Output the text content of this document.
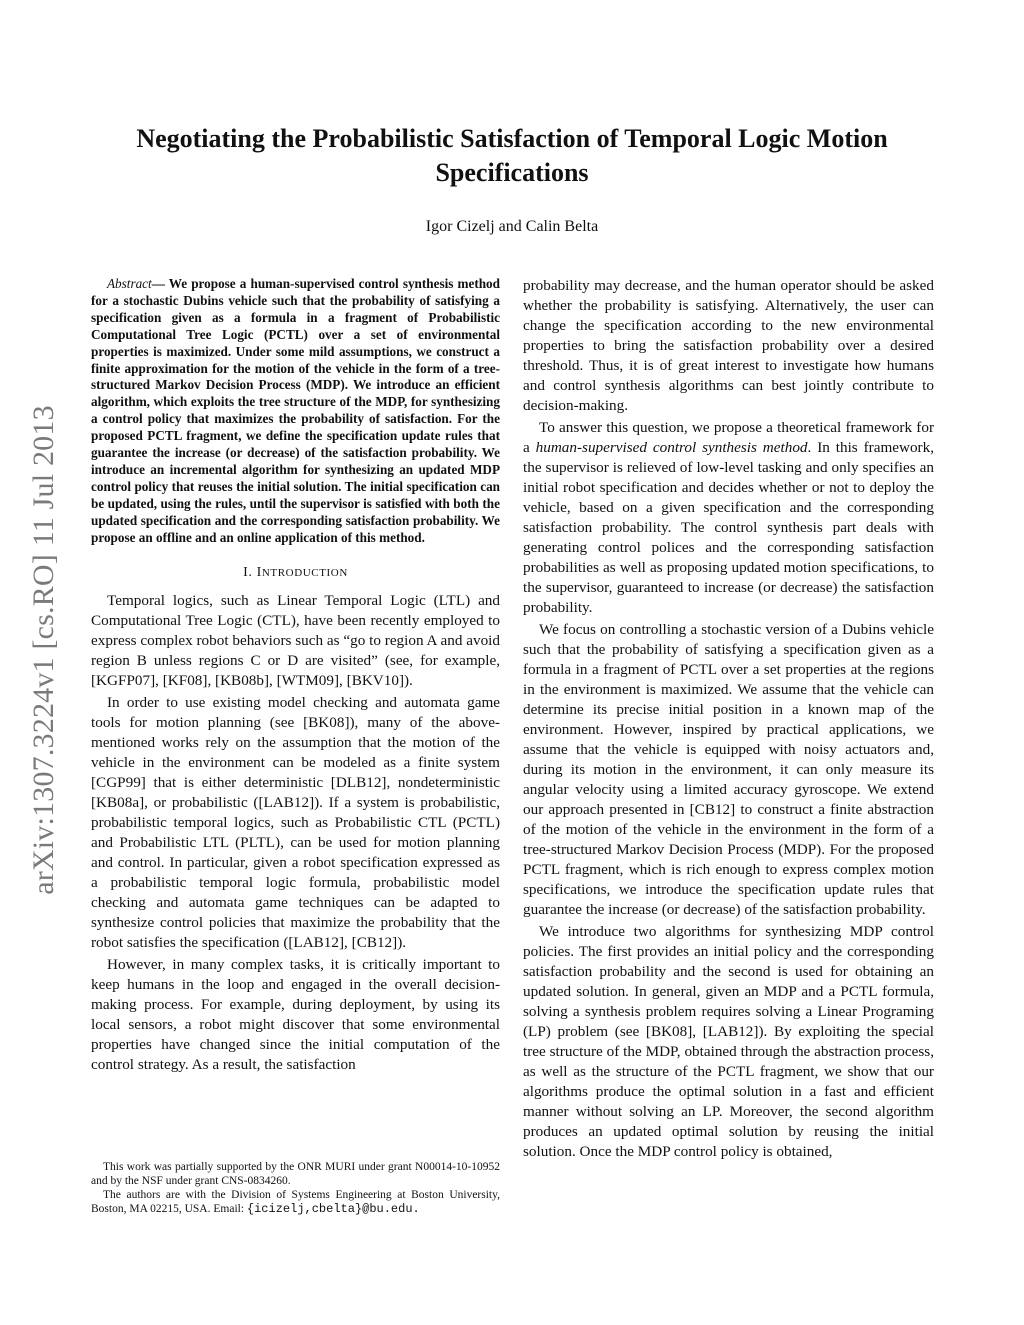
arXiv:1307.3224v1 [cs.RO] 11 Jul 2013
Negotiating the Probabilistic Satisfaction of Temporal Logic Motion Specifications
Igor Cizelj and Calin Belta

Abstract— We propose a human-supervised control synthesis method for a stochastic Dubins vehicle such that the probability of satisfying a specification given as a formula in a fragment of Probabilistic Computational Tree Logic (PCTL) over a set of environmental properties is maximized. Under some mild assumptions, we construct a finite approximation for the motion of the vehicle in the form of a tree-structured Markov Decision Process (MDP). We introduce an efficient algorithm, which exploits the tree structure of the MDP, for synthesizing a control policy that maximizes the probability of satisfaction. For the proposed PCTL fragment, we define the specification update rules that guarantee the increase (or decrease) of the satisfaction probability. We introduce an incremental algorithm for synthesizing an updated MDP control policy that reuses the initial solution. The initial specification can be updated, using the rules, until the supervisor is satisfied with both the updated specification and the corresponding satisfaction probability. We propose an offline and an online application of this method.

I. INTRODUCTION

Temporal logics, such as Linear Temporal Logic (LTL) and Computational Tree Logic (CTL), have been recently employed to express complex robot behaviors such as “go to region A and avoid region B unless regions C or D are visited” (see, for example, [KGFP07], [KF08], [KB08b], [WTM09], [BKV10]).

In order to use existing model checking and automata game tools for motion planning (see [BK08]), many of the above-mentioned works rely on the assumption that the motion of the vehicle in the environment can be modeled as a finite system [CGP99] that is either deterministic [DLB12], nondeterministic [KB08a], or probabilistic ([LAB12]). If a system is probabilistic, probabilistic temporal logics, such as Probabilistic CTL (PCTL) and Probabilistic LTL (PLTL), can be used for motion planning and control. In particular, given a robot specification expressed as a probabilistic temporal logic formula, probabilistic model checking and automata game techniques can be adapted to synthesize control policies that maximize the probability that the robot satisfies the specification ([LAB12], [CB12]).

However, in many complex tasks, it is critically important to keep humans in the loop and engaged in the overall decision-making process. For example, during deployment, by using its local sensors, a robot might discover that some environmental properties have changed since the initial computation of the control strategy. As a result, the satisfaction

This work was partially supported by the ONR MURI under grant N00014-10-10952 and by the NSF under grant CNS-0834260.

The authors are with the Division of Systems Engineering at Boston University, Boston, MA 02215, USA. Email: {icizelj,cbelta}@bu.edu.

probability may decrease, and the human operator should be asked whether the probability is satisfying. Alternatively, the user can change the specification according to the new environmental properties to bring the satisfaction probability over a desired threshold. Thus, it is of great interest to investigate how humans and control synthesis algorithms can best jointly contribute to decision-making.

To answer this question, we propose a theoretical framework for a human-supervised control synthesis method. In this framework, the supervisor is relieved of low-level tasking and only specifies an initial robot specification and decides whether or not to deploy the vehicle, based on a given specification and the corresponding satisfaction probability. The control synthesis part deals with generating control polices and the corresponding satisfaction probabilities as well as proposing updated motion specifications, to the supervisor, guaranteed to increase (or decrease) the satisfaction probability.

We focus on controlling a stochastic version of a Dubins vehicle such that the probability of satisfying a specification given as a formula in a fragment of PCTL over a set properties at the regions in the environment is maximized. We assume that the vehicle can determine its precise initial position in a known map of the environment. However, inspired by practical applications, we assume that the vehicle is equipped with noisy actuators and, during its motion in the environment, it can only measure its angular velocity using a limited accuracy gyroscope. We extend our approach presented in [CB12] to construct a finite abstraction of the motion of the vehicle in the environment in the form of a tree-structured Markov Decision Process (MDP). For the proposed PCTL fragment, which is rich enough to express complex motion specifications, we introduce the specification update rules that guarantee the increase (or decrease) of the satisfaction probability.

We introduce two algorithms for synthesizing MDP control policies. The first provides an initial policy and the corresponding satisfaction probability and the second is used for obtaining an updated solution. In general, given an MDP and a PCTL formula, solving a synthesis problem requires solving a Linear Programing (LP) problem (see [BK08], [LAB12]). By exploiting the special tree structure of the MDP, obtained through the abstraction process, as well as the structure of the PCTL fragment, we show that our algorithms produce the optimal solution in a fast and efficient manner without solving an LP. Moreover, the second algorithm produces an updated optimal solution by reusing the initial solution. Once the MDP control policy is obtained,
